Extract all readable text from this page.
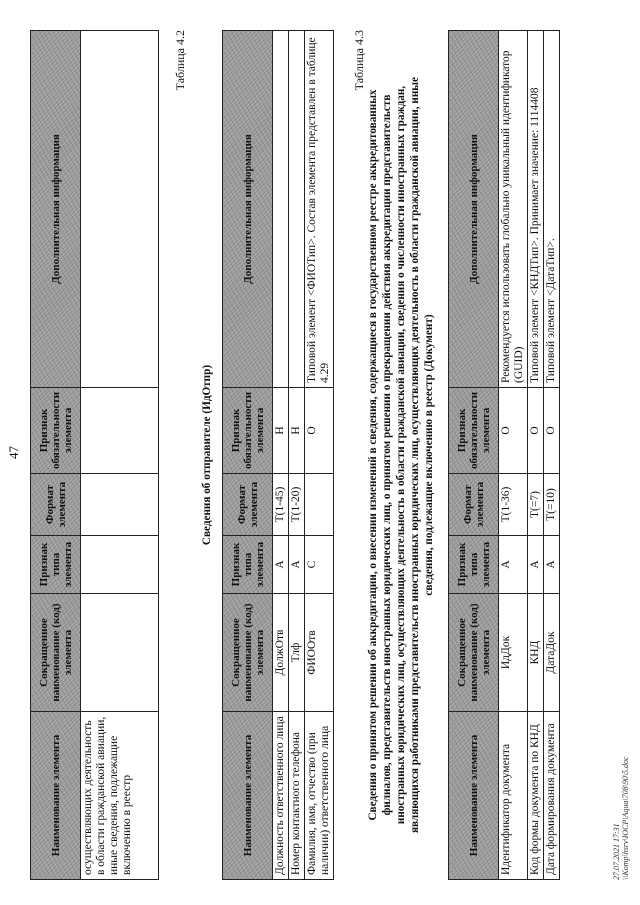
47
Наименование элемента	Сокращенное наименование (код) элемента	Признак типа элемента	Формат элемента	Признак обязательности элемента	Дополнительная информация
осуществляющих деятельность в области гражданской авиации, иные сведения, подлежащие включению в реестр					
Таблица 4.2
Сведения об отправителе (ИдОтпр)
Наименование элемента	Сокращенное наименование (код) элемента	Признак типа элемента	Формат элемента	Признак обязательности элемента	Дополнительная информация
Должность ответственного лица	ДолжОтв	А	Т(1-45)	Н	
Номер контактного телефона	Тлф	А	Т(1-20)	Н	
Фамилия, имя, отчество (при наличии) ответственного лица	ФИООтв	С		О	Типовой элемент <ФИОТип>. Состав элемента представлен в таблице 4.29
Таблица 4.3
Сведения о принятом решении об аккредитации, о внесении изменений в сведения, содержащиеся в государственном реестре аккредитованных филиалов, представительств иностранных юридических лиц, о принятом решении о прекращении действия аккредитации представительств иностранных юридических лиц, осуществляющих деятельность в области гражданской авиации, сведения о численности иностранных граждан, являющихся работниками представительств иностранных юридических лиц, осуществляющих деятельность в области гражданской авиации, иные сведения, подлежащие включению в реестр (Документ)
Наименование элемента	Сокращенное наименование (код) элемента	Признак типа элемента	Формат элемента	Признак обязательности элемента	Дополнительная информация
Идентификатор документа	ИдДок	А	Т(1-36)	О	Рекомендуется использовать глобально уникальный идентификатор (GUID)
Код формы документа по КНД	КНД	А	Т(=7)	О	Типовой элемент <КНДТип>. Принимает значение: 1114408
Дата формирования документа	ДатаДок	А	Т(=10)	О	Типовой элемент <ДатаТип>.
27.07.2021 17:31 \\Komp\hsrv\ЮСР\Aqua\708\90\5.doc
